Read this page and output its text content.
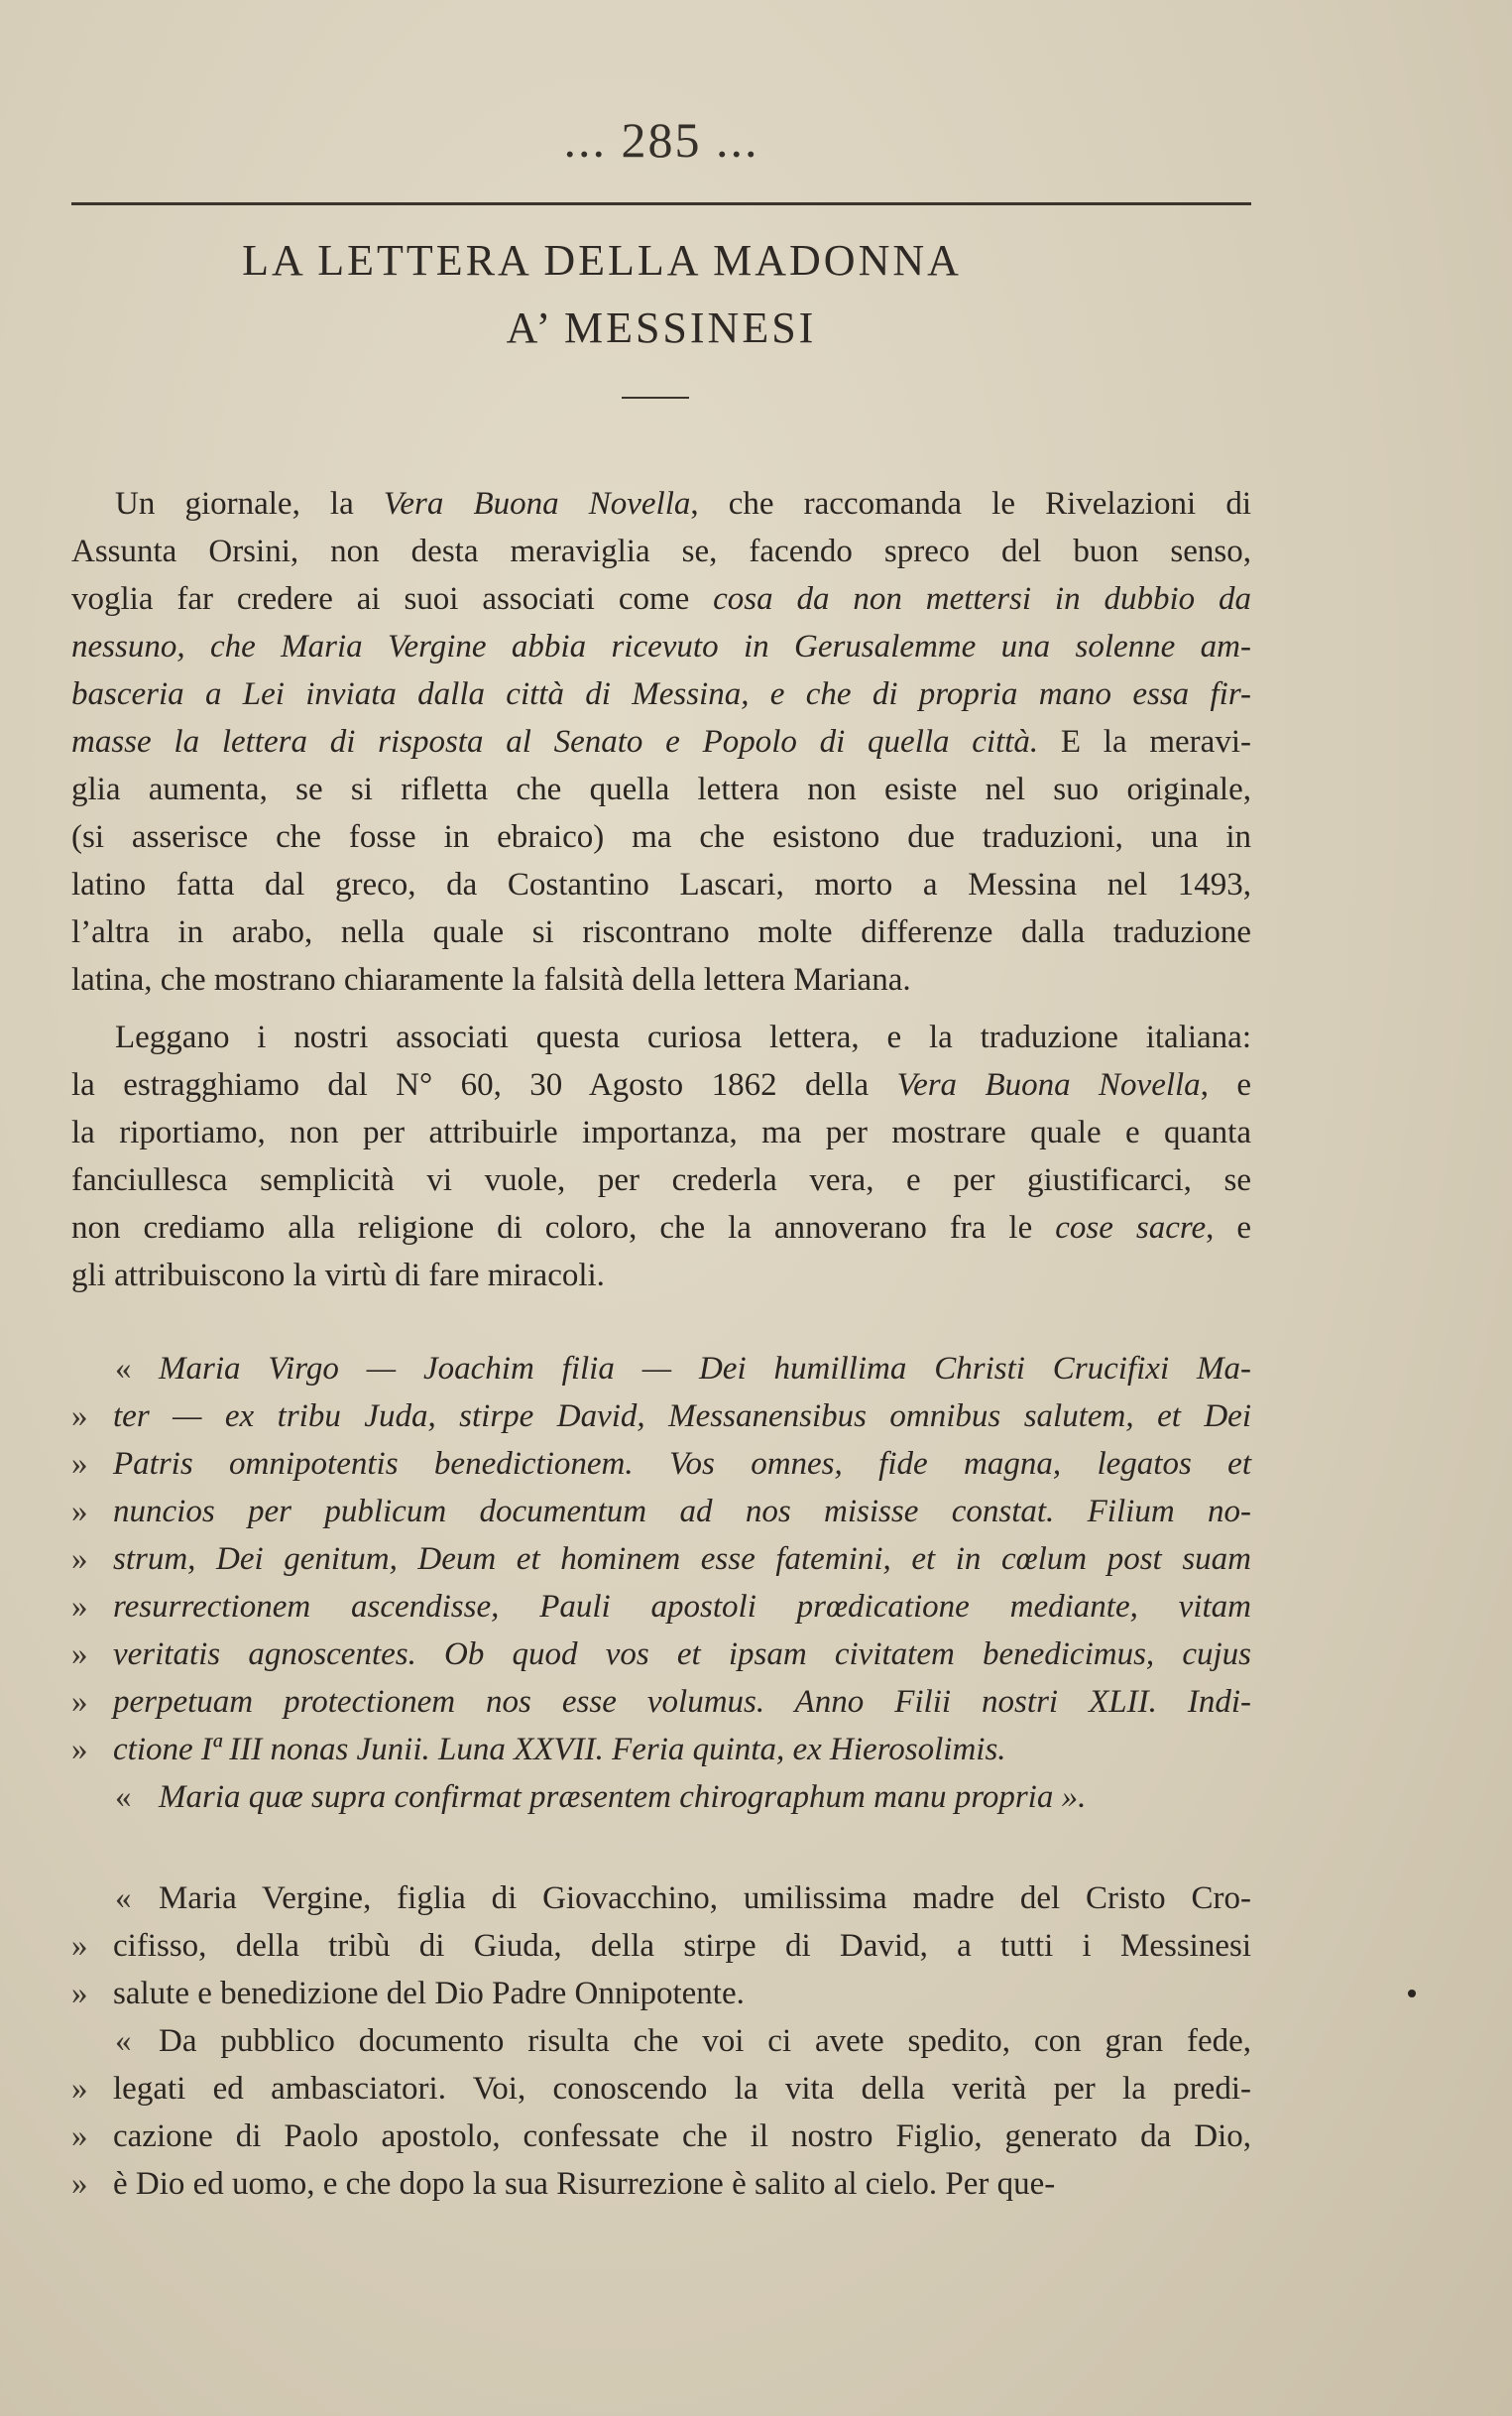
... 285 ...
LA LETTERA DELLA MADONNA
A’ MESSINESI
Un giornale, la Vera Buona Novella, che raccomanda le Rivelazioni di
Assunta Orsini, non desta meraviglia se, facendo spreco del buon senso,
voglia far credere ai suoi associati come cosa da non mettersi in dubbio da
nessuno, che Maria Vergine abbia ricevuto in Gerusalemme una solenne am-
basceria a Lei inviata dalla città di Messina, e che di propria mano essa fir-
masse la lettera di risposta al Senato e Popolo di quella città. E la meravi-
glia aumenta, se si rifletta che quella lettera non esiste nel suo originale,
(si asserisce che fosse in ebraico) ma che esistono due traduzioni, una in
latino fatta dal greco, da Costantino Lascari, morto a Messina nel 1493,
l’altra in arabo, nella quale si riscontrano molte differenze dalla traduzione
latina, che mostrano chiaramente la falsità della lettera Mariana.
Leggano i nostri associati questa curiosa lettera, e la traduzione italiana:
la estragghiamo dal N° 60, 30 Agosto 1862 della Vera Buona Novella, e
la riportiamo, non per attribuirle importanza, ma per mostrare quale e quanta
fanciullesca semplicità vi vuole, per crederla vera, e per giustificarci, se
non crediamo alla religione di coloro, che la annoverano fra le cose sacre, e
gli attribuiscono la virtù di fare miracoli.
« Maria Virgo — Joachim filia — Dei humillima Christi Crucifixi Ma-
» ter — ex tribu Juda, stirpe David, Messanensibus omnibus salutem, et Dei
» Patris omnipotentis benedictionem. Vos omnes, fide magna, legatos et
» nuncios per publicum documentum ad nos misisse constat. Filium no-
» strum, Dei genitum, Deum et hominem esse fatemini, et in cœlum post suam
» resurrectionem ascendisse, Pauli apostoli prœdicatione mediante, vitam
» veritatis agnoscentes. Ob quod vos et ipsam civitatem benedicimus, cujus
» perpetuam protectionem nos esse volumus. Anno Filii nostri XLII. Indi-
» ctione Iª III nonas Junii. Luna XXVII. Feria quinta, ex Hierosolimis.
« Maria quæ supra confirmat præsentem chirographum manu propria ».
« Maria Vergine, figlia di Giovacchino, umilissima madre del Cristo Cro-
» cifisso, della tribù di Giuda, della stirpe di David, a tutti i Messinesi
» salute e benedizione del Dio Padre Onnipotente.
« Da pubblico documento risulta che voi ci avete spedito, con gran fede,
» legati ed ambasciatori. Voi, conoscendo la vita della verità per la predi-
» cazione di Paolo apostolo, confessate che il nostro Figlio, generato da Dio,
» è Dio ed uomo, e che dopo la sua Risurrezione è salito al cielo. Per que-
